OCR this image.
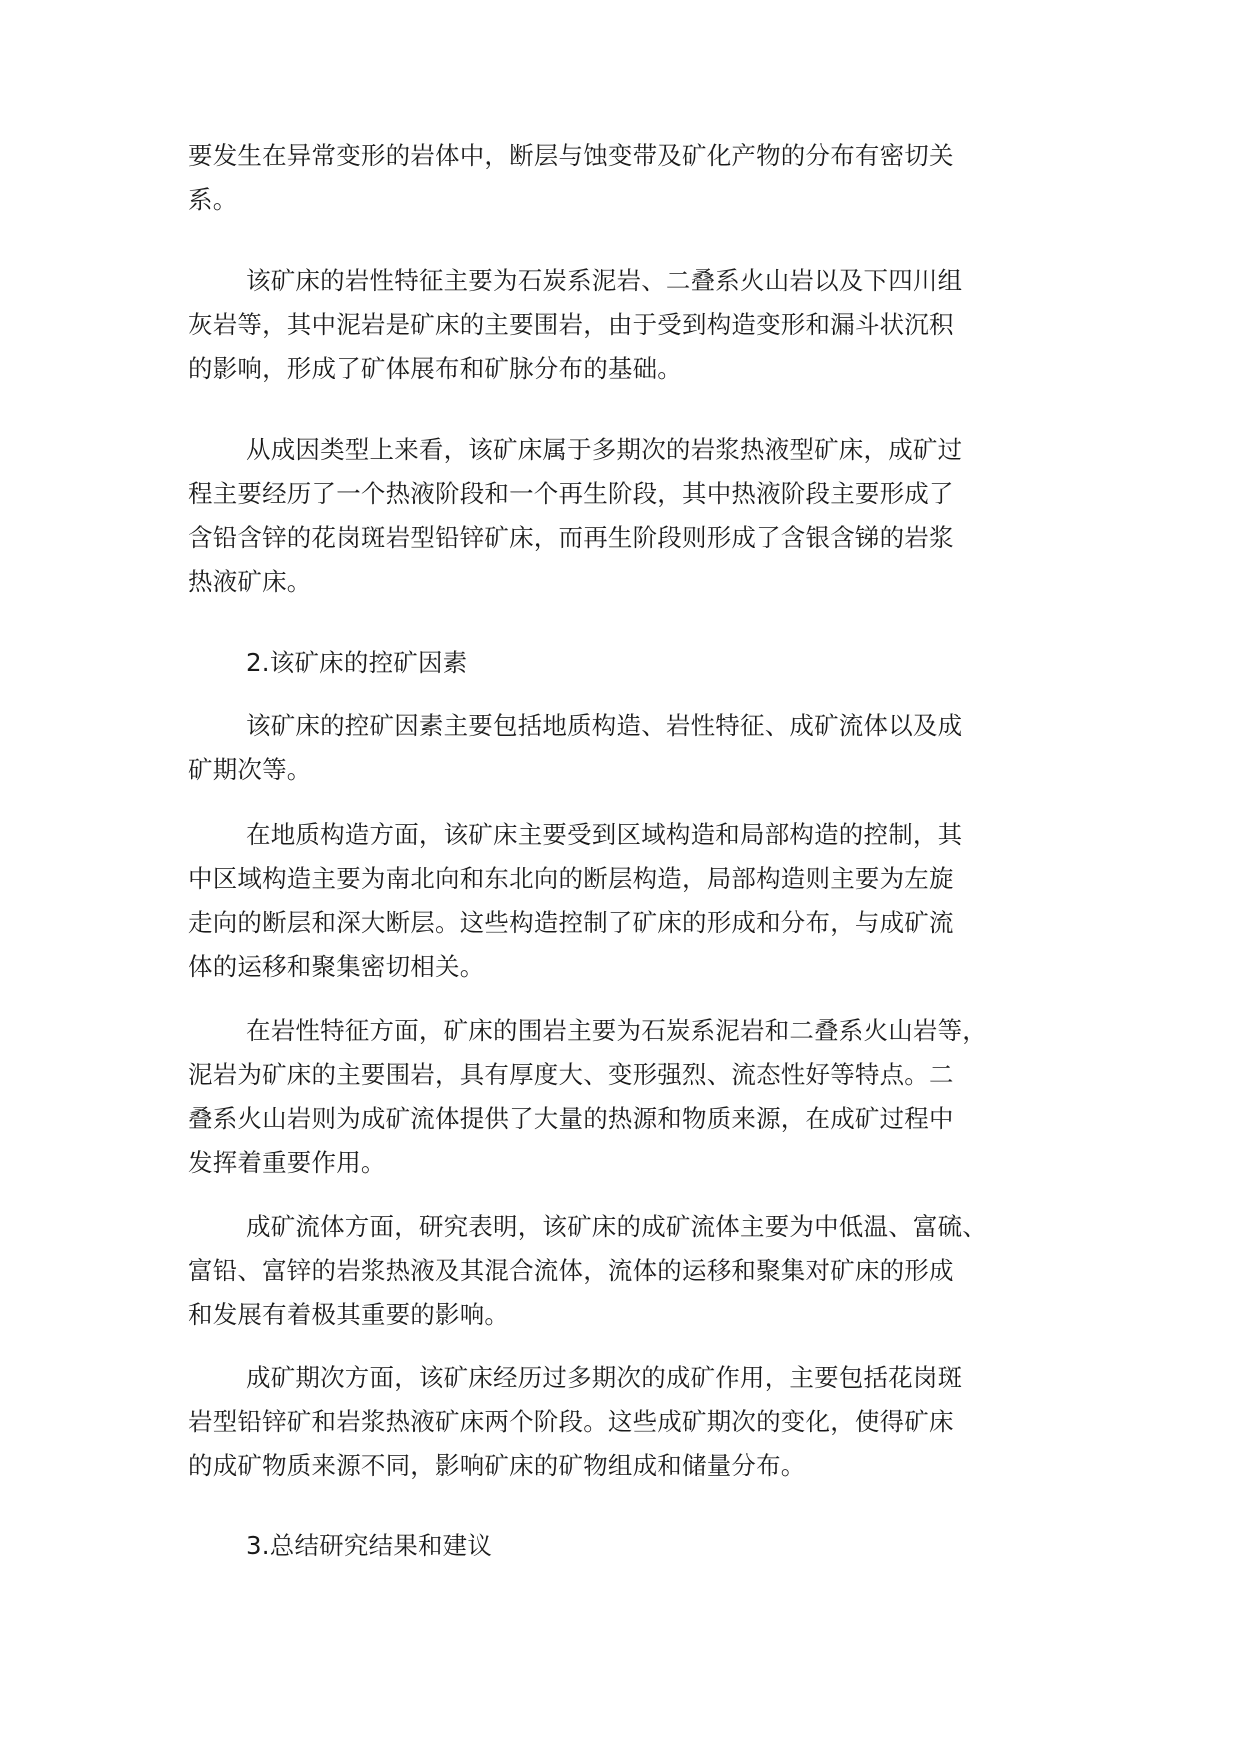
要发生在异常变形的岩体中，断层与蚀变带及矿化产物的分布有密切关
系。
该矿床的岩性特征主要为石炭系泥岩、二叠系火山岩以及下四川组
灰岩等，其中泥岩是矿床的主要围岩，由于受到构造变形和漏斗状沉积
的影响，形成了矿体展布和矿脉分布的基础。
从成因类型上来看，该矿床属于多期次的岩浆热液型矿床，成矿过
程主要经历了一个热液阶段和一个再生阶段，其中热液阶段主要形成了
含铅含锌的花岗斑岩型铅锌矿床，而再生阶段则形成了含银含锑的岩浆
热液矿床。
2.该矿床的控矿因素
该矿床的控矿因素主要包括地质构造、岩性特征、成矿流体以及成
矿期次等。
在地质构造方面，该矿床主要受到区域构造和局部构造的控制，其
中区域构造主要为南北向和东北向的断层构造，局部构造则主要为左旋
走向的断层和深大断层。这些构造控制了矿床的形成和分布，与成矿流
体的运移和聚集密切相关。
在岩性特征方面，矿床的围岩主要为石炭系泥岩和二叠系火山岩等，
泥岩为矿床的主要围岩，具有厚度大、变形强烈、流态性好等特点。二
叠系火山岩则为成矿流体提供了大量的热源和物质来源，在成矿过程中
发挥着重要作用。
成矿流体方面，研究表明，该矿床的成矿流体主要为中低温、富硫、
富铅、富锌的岩浆热液及其混合流体，流体的运移和聚集对矿床的形成
和发展有着极其重要的影响。
成矿期次方面，该矿床经历过多期次的成矿作用，主要包括花岗斑
岩型铅锌矿和岩浆热液矿床两个阶段。这些成矿期次的变化，使得矿床
的成矿物质来源不同，影响矿床的矿物组成和储量分布。
3.总结研究结果和建议
